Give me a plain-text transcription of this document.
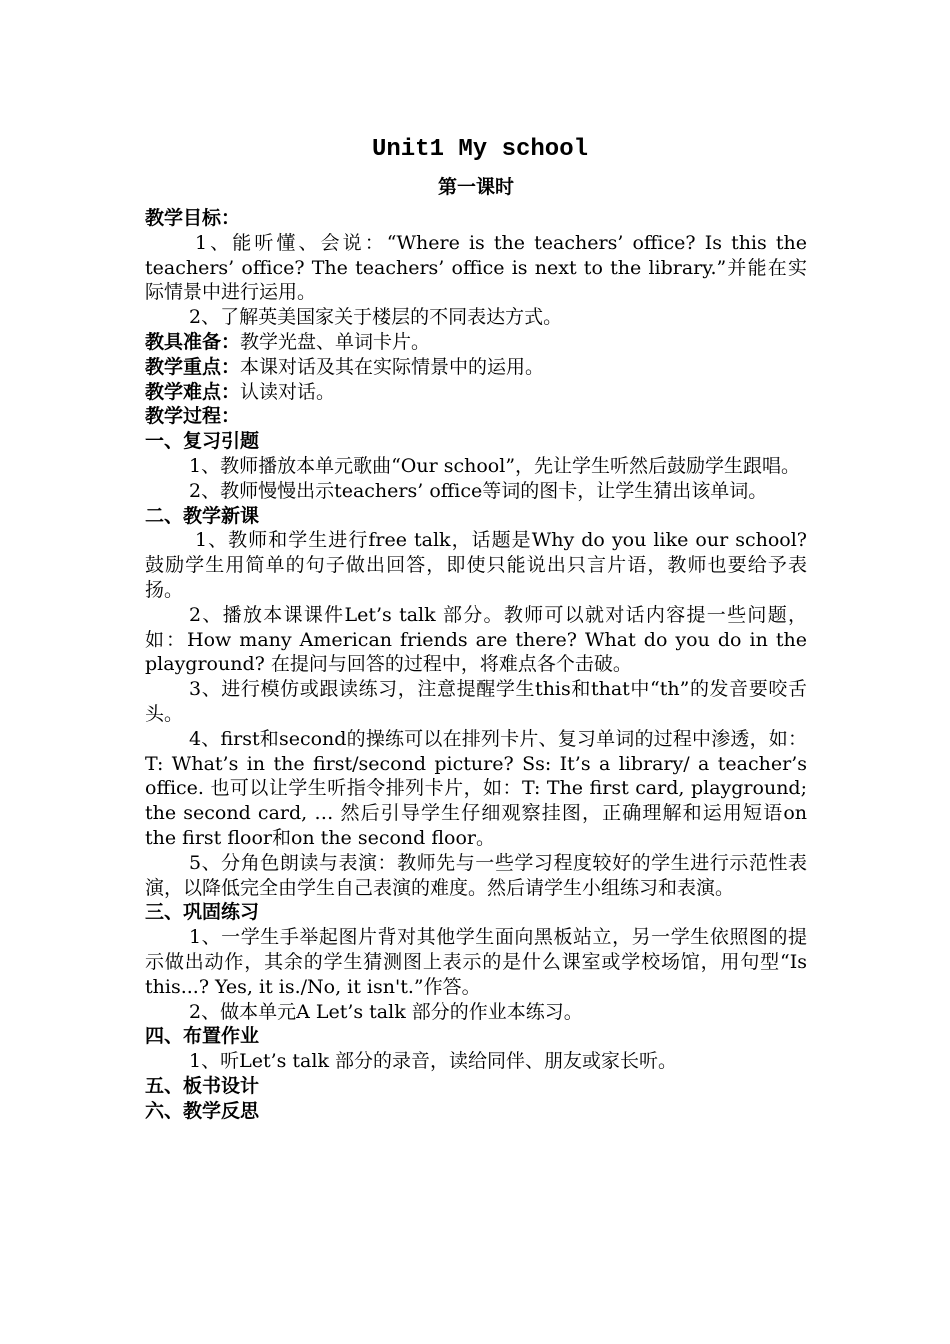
Unit1 My school
第一课时
教学目标：

1、能听懂、会说：“Where is the teachers’ office? Is this the teachers’ office? The teachers’ office is next to the library.”并能在实际情景中进行运用。

2、了解英美国家关于楼层的不同表达方式。

教具准备：教学光盘、单词卡片。

教学重点：本课对话及其在实际情景中的运用。

教学难点：认读对话。

教学过程：
一、复习引题

1、教师播放本单元歌曲“Our school”，先让学生听然后鼓励学生跟唱。

2、教师慢慢出示teachers’ office等词的图卡，让学生猜出该单词。

二、教学新课

1、教师和学生进行free talk，话题是Why do you like our school? 鼓励学生用简单的句子做出回答，即使只能说出只言片语，教师也要给予表扬。

2、播放本课课件Let’s talk 部分。教师可以就对话内容提一些问题，如：How many American friends are there? What do you do in the playground? 在提问与回答的过程中，将难点各个击破。

3、进行模仿或跟读练习，注意提醒学生this和that中“th”的发音要咬舌头。

4、first和second的操练可以在排列卡片、复习单词的过程中渗透，如：T: What’s in the first/second picture? Ss: It’s a library/ a teacher’s office. 也可以让学生听指令排列卡片，如：T: The first card, playground; the second card, … 然后引导学生仔细观察挂图，正确理解和运用短语on the first floor和on the second floor。

5、分角色朗读与表演：教师先与一些学习程度较好的学生进行示范性表演，以降低完全由学生自己表演的难度。然后请学生小组练习和表演。

三、巩固练习

1、一学生手举起图片背对其他学生面向黑板站立，另一学生依照图的提示做出动作，其余的学生猜测图上表示的是什么课室或学校场馆，用句型“Is this...? Yes, it is./No, it isn't.”作答。

2、做本单元A Let’s talk 部分的作业本练习。

四、布置作业

1、听Let’s talk 部分的录音，读给同伴、朋友或家长听。

五、板书设计
六、教学反思
